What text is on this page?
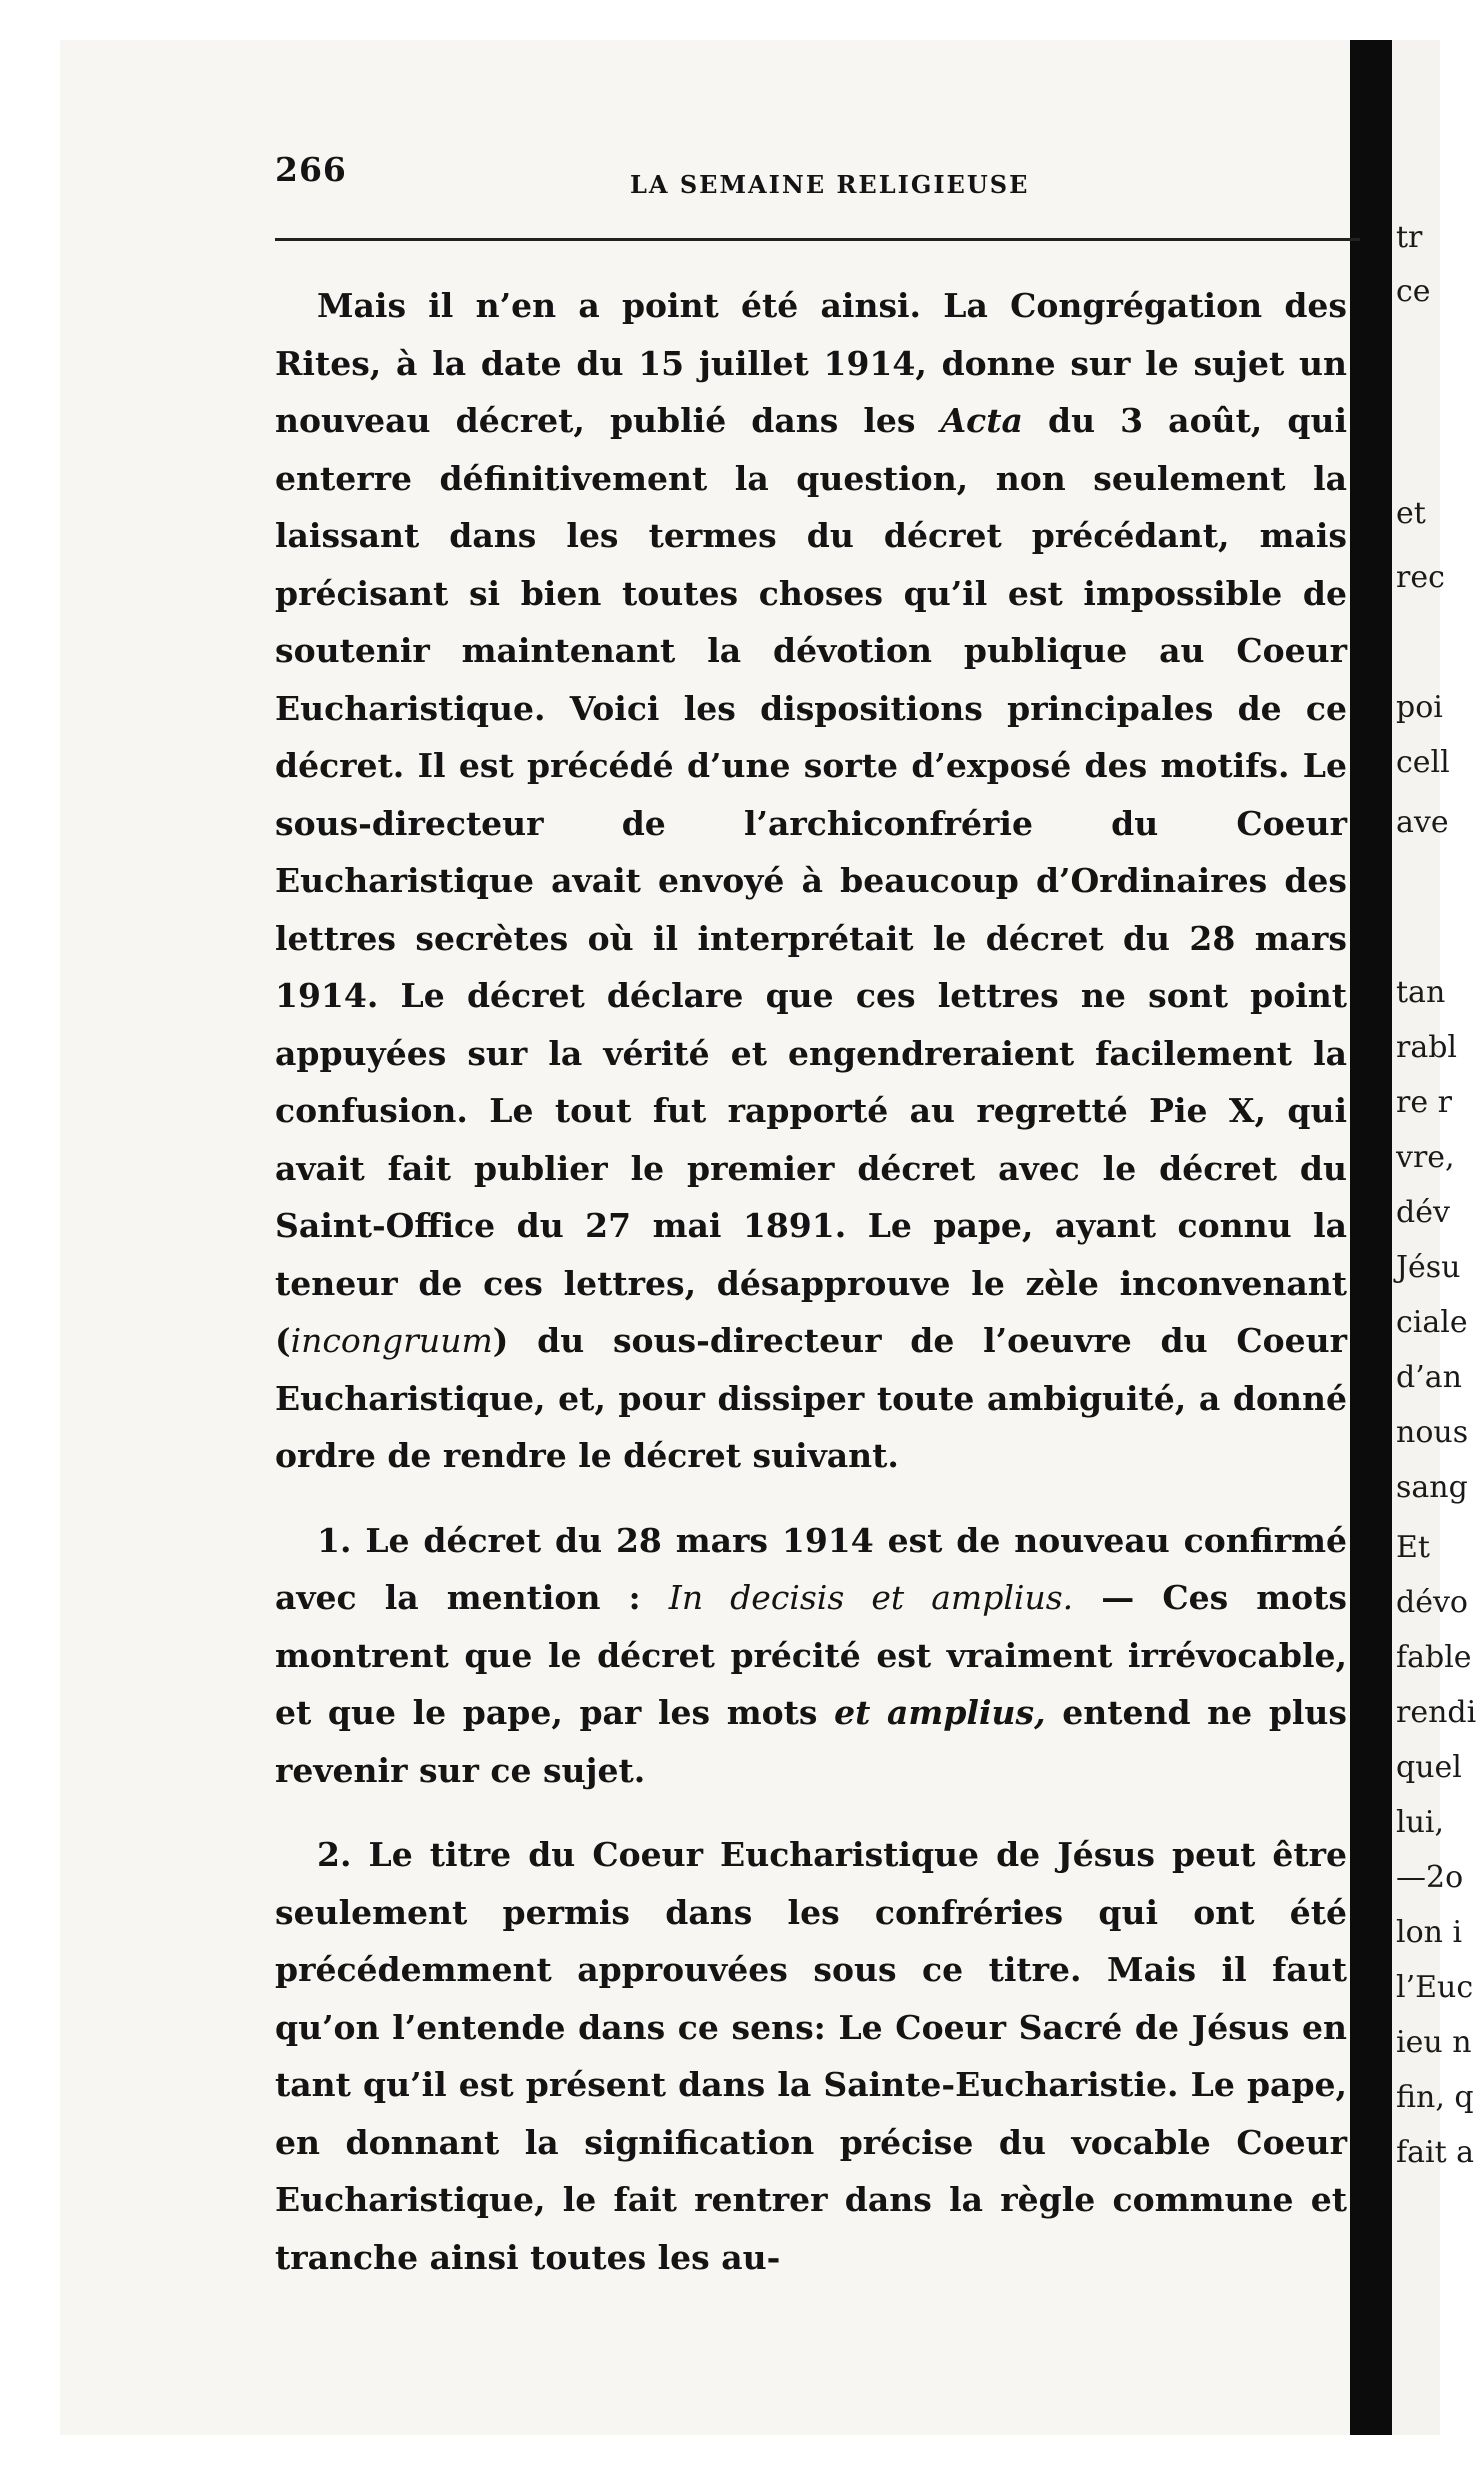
tr
ce
et
rec
poi
cell
ave
tan
rabl
re r
vre,
dév
Jésu
ciale
d’an
nous
sang
Et
dévo
fable
rendi
quel
lui,
—2o
lon i
l’Euc
ieu n
fin, q
fait a
266	LA SEMAINE RELIGIEUSE

Mais il n’en a point été ainsi. La Congrégation des Rites, à la date du 15 juillet 1914, donne sur le sujet un nouveau décret, publié dans les Acta du 3 août, qui enterre définitivement la question, non seulement la laissant dans les termes du décret précédant, mais précisant si bien toutes choses qu’il est impossible de soutenir maintenant la dévotion publique au Coeur Eucharistique. Voici les dispositions principales de ce décret. Il est précédé d’une sorte d’exposé des motifs. Le sous-directeur de l’archiconfrérie du Coeur Eucharistique avait envoyé à beaucoup d’Ordinaires des lettres secrètes où il interprétait le décret du 28 mars 1914. Le décret déclare que ces lettres ne sont point appuyées sur la vérité et engendreraient facilement la confusion. Le tout fut rapporté au regretté Pie X, qui avait fait publier le premier décret avec le décret du Saint-Office du 27 mai 1891. Le pape, ayant connu la teneur de ces lettres, désapprouve le zèle inconvenant (incongruum) du sous-directeur de l’oeuvre du Coeur Eucharistique, et, pour dissiper toute ambiguité, a donné ordre de rendre le décret suivant.

1. Le décret du 28 mars 1914 est de nouveau confirmé avec la mention : In decisis et amplius. — Ces mots montrent que le décret précité est vraiment irrévocable, et que le pape, par les mots et amplius, entend ne plus revenir sur ce sujet.

2. Le titre du Coeur Eucharistique de Jésus peut être seulement permis dans les confréries qui ont été précédemment approuvées sous ce titre. Mais il faut qu’on l’entende dans ce sens: Le Coeur Sacré de Jésus en tant qu’il est présent dans la Sainte-Eucharistie. Le pape, en donnant la signification précise du vocable Coeur Eucharistique, le fait rentrer dans la règle commune et tranche ainsi toutes les au-
